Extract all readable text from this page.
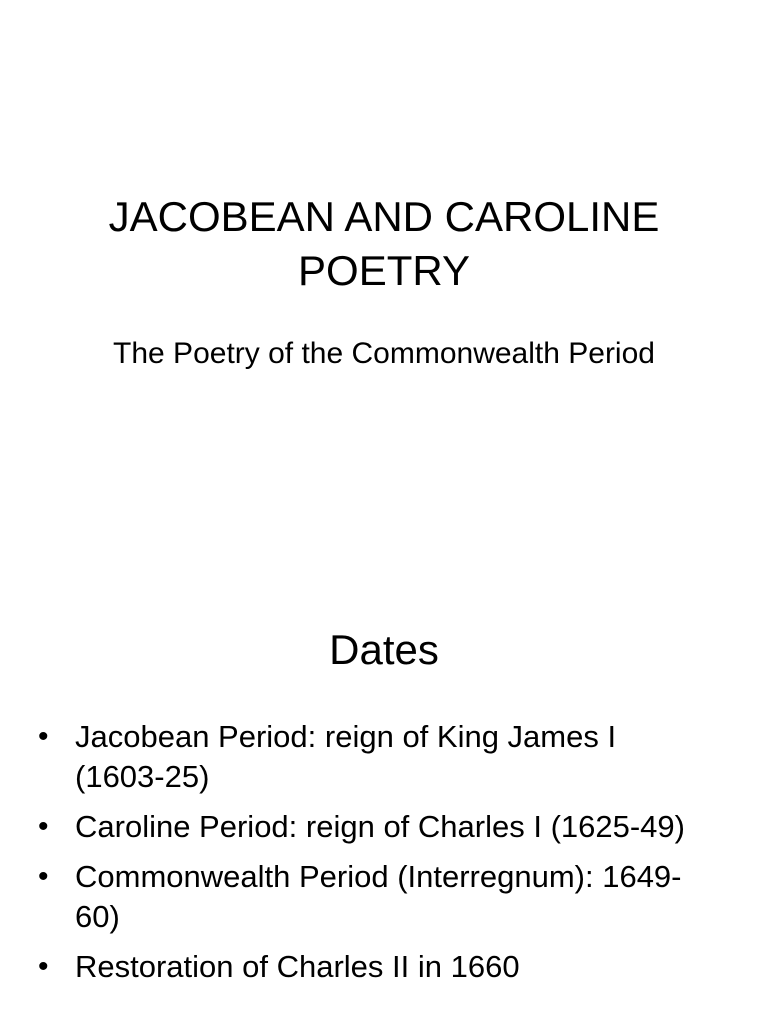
JACOBEAN AND CAROLINE POETRY

The Poetry of the Commonwealth Period

Dates
• Jacobean Period: reign of King James I (1603-25)
• Caroline Period: reign of Charles I (1625-49)
• Commonwealth Period (Interregnum): 1649-60)
• Restoration of Charles II in 1660
